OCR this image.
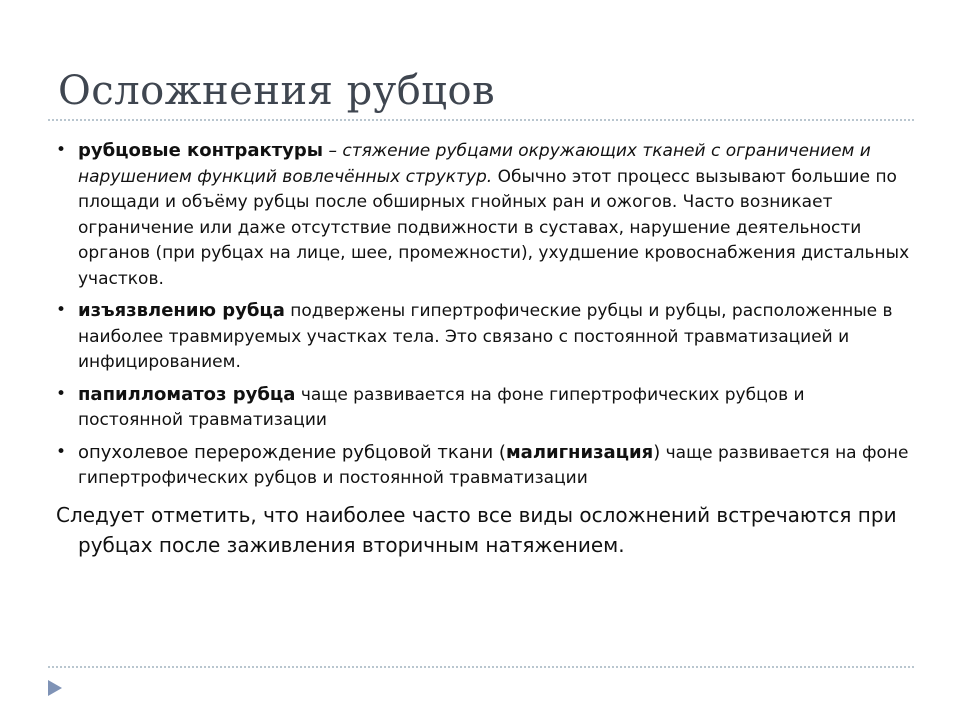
Осложнения рубцов
• рубцовые контрактуры – стяжение рубцами окружающих тканей с ограничением и нарушением функций вовлечённых структур. Обычно этот процесс вызывают большие по площади и объёму рубцы после обширных гнойных ран и ожогов. Часто возникает ограничение или даже отсутствие подвижности в суставах, нарушение деятельности органов (при рубцах на лице, шее, промежности), ухудшение кровоснабжения дистальных участков.
• изъязвлению рубца подвержены гипертрофические рубцы и рубцы, расположенные в наиболее травмируемых участках тела. Это связано с постоянной травматизацией и инфицированием.
• папилломатоз рубца чаще развивается на фоне гипертрофических рубцов и постоянной травматизации
• опухолевое перерождение рубцовой ткани (малигнизация) чаще развивается на фоне гипертрофических рубцов и постоянной травматизации
Следует отметить, что наиболее часто все виды осложнений встречаются при рубцах после заживления вторичным натяжением.
